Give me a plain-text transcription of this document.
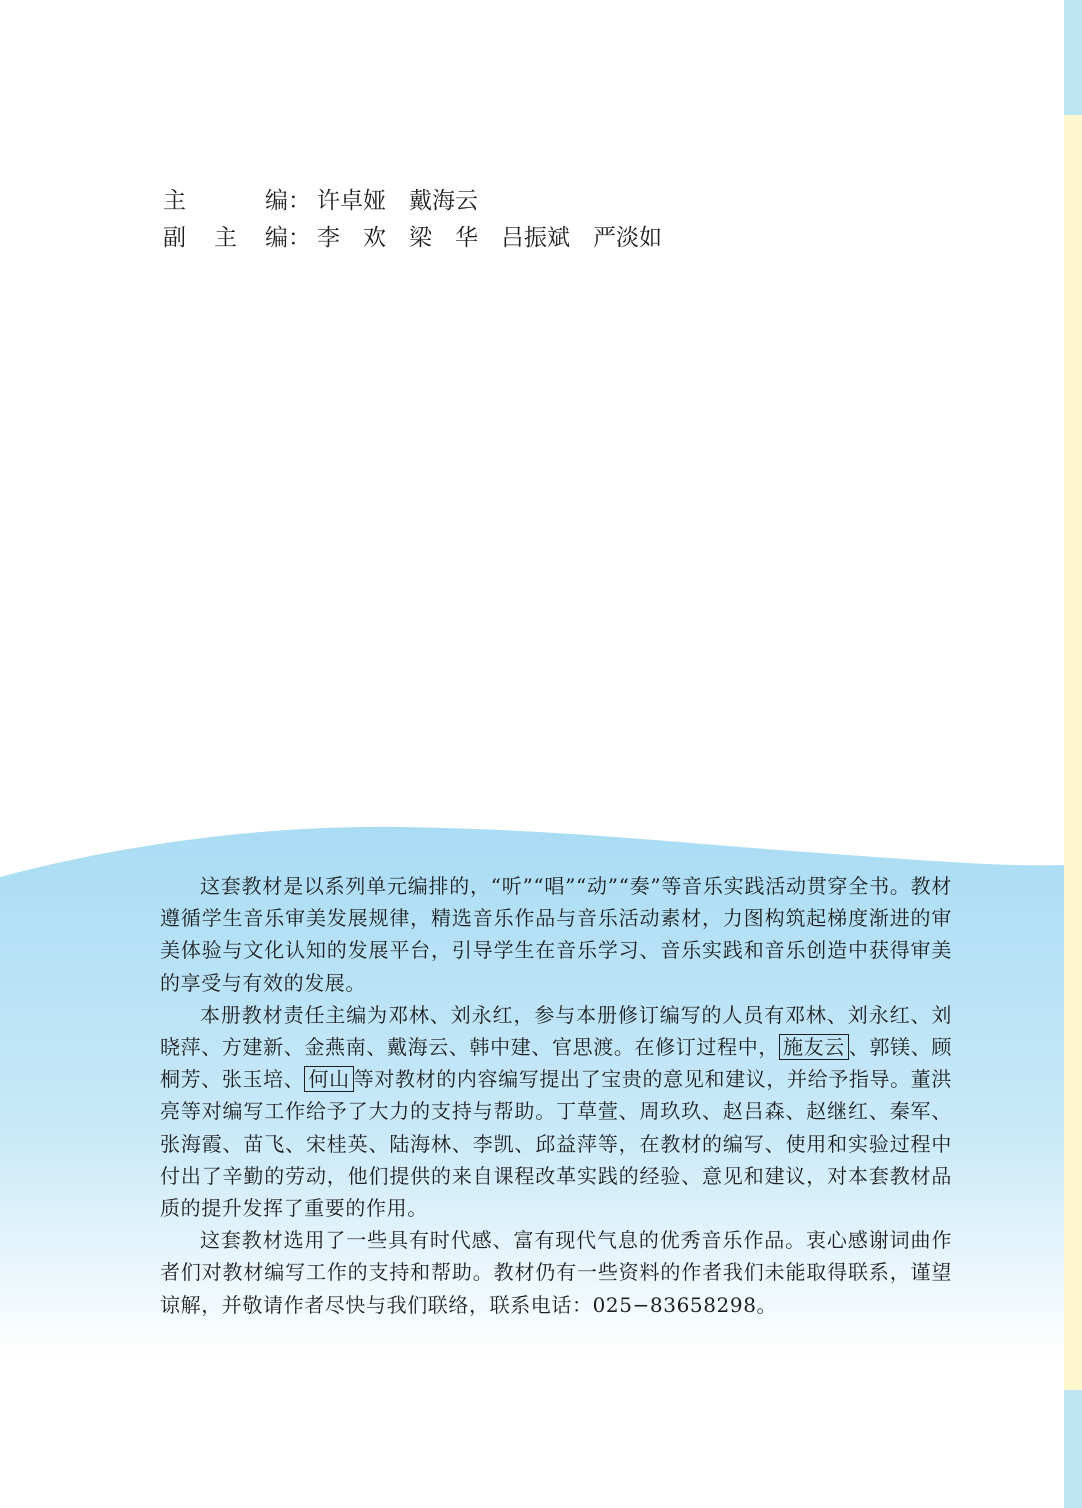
主	编 ： 许卓娅　戴海云
副 主 编 ： 李　欢　梁　华　吕振斌　严淡如

这套教材是以系列单元编排的，“听”“唱”“动”“奏”等音乐实践活动贯穿全书。教材遵循学生音乐审美发展规律，精选音乐作品与音乐活动素材，力图构筑起梯度渐进的审美体验与文化认知的发展平台，引导学生在音乐学习、音乐实践和音乐创造中获得审美的享受与有效的发展。

本册教材责任主编为邓林、刘永红，参与本册修订编写的人员有邓林、刘永红、刘晓萍、方建新、金燕南、戴海云、韩中建、官思渡。在修订过程中， 施友云 、郭镁、顾桐芳、张玉培、 何山 等对教材的内容编写提出了宝贵的意见和建议，并给予指导。董洪亮等对编写工作给予了大力的支持与帮助。丁草萱、周玖玖、赵吕森、赵继红、秦军、张海霞、苗飞、宋桂英、陆海林、李凯、邱益萍等，在教材的编写、使用和实验过程中付出了辛勤的劳动，他们提供的来自课程改革实践的经验、意见和建议，对本套教材品质的提升发挥了重要的作用。

这套教材选用了一些具有时代感、富有现代气息的优秀音乐作品。衷心感谢词曲作者们对教材编写工作的支持和帮助。教材仍有一些资料的作者我们未能取得联系，谨望谅解，并敬请作者尽快与我们联络，联系电话：025−83658298。
